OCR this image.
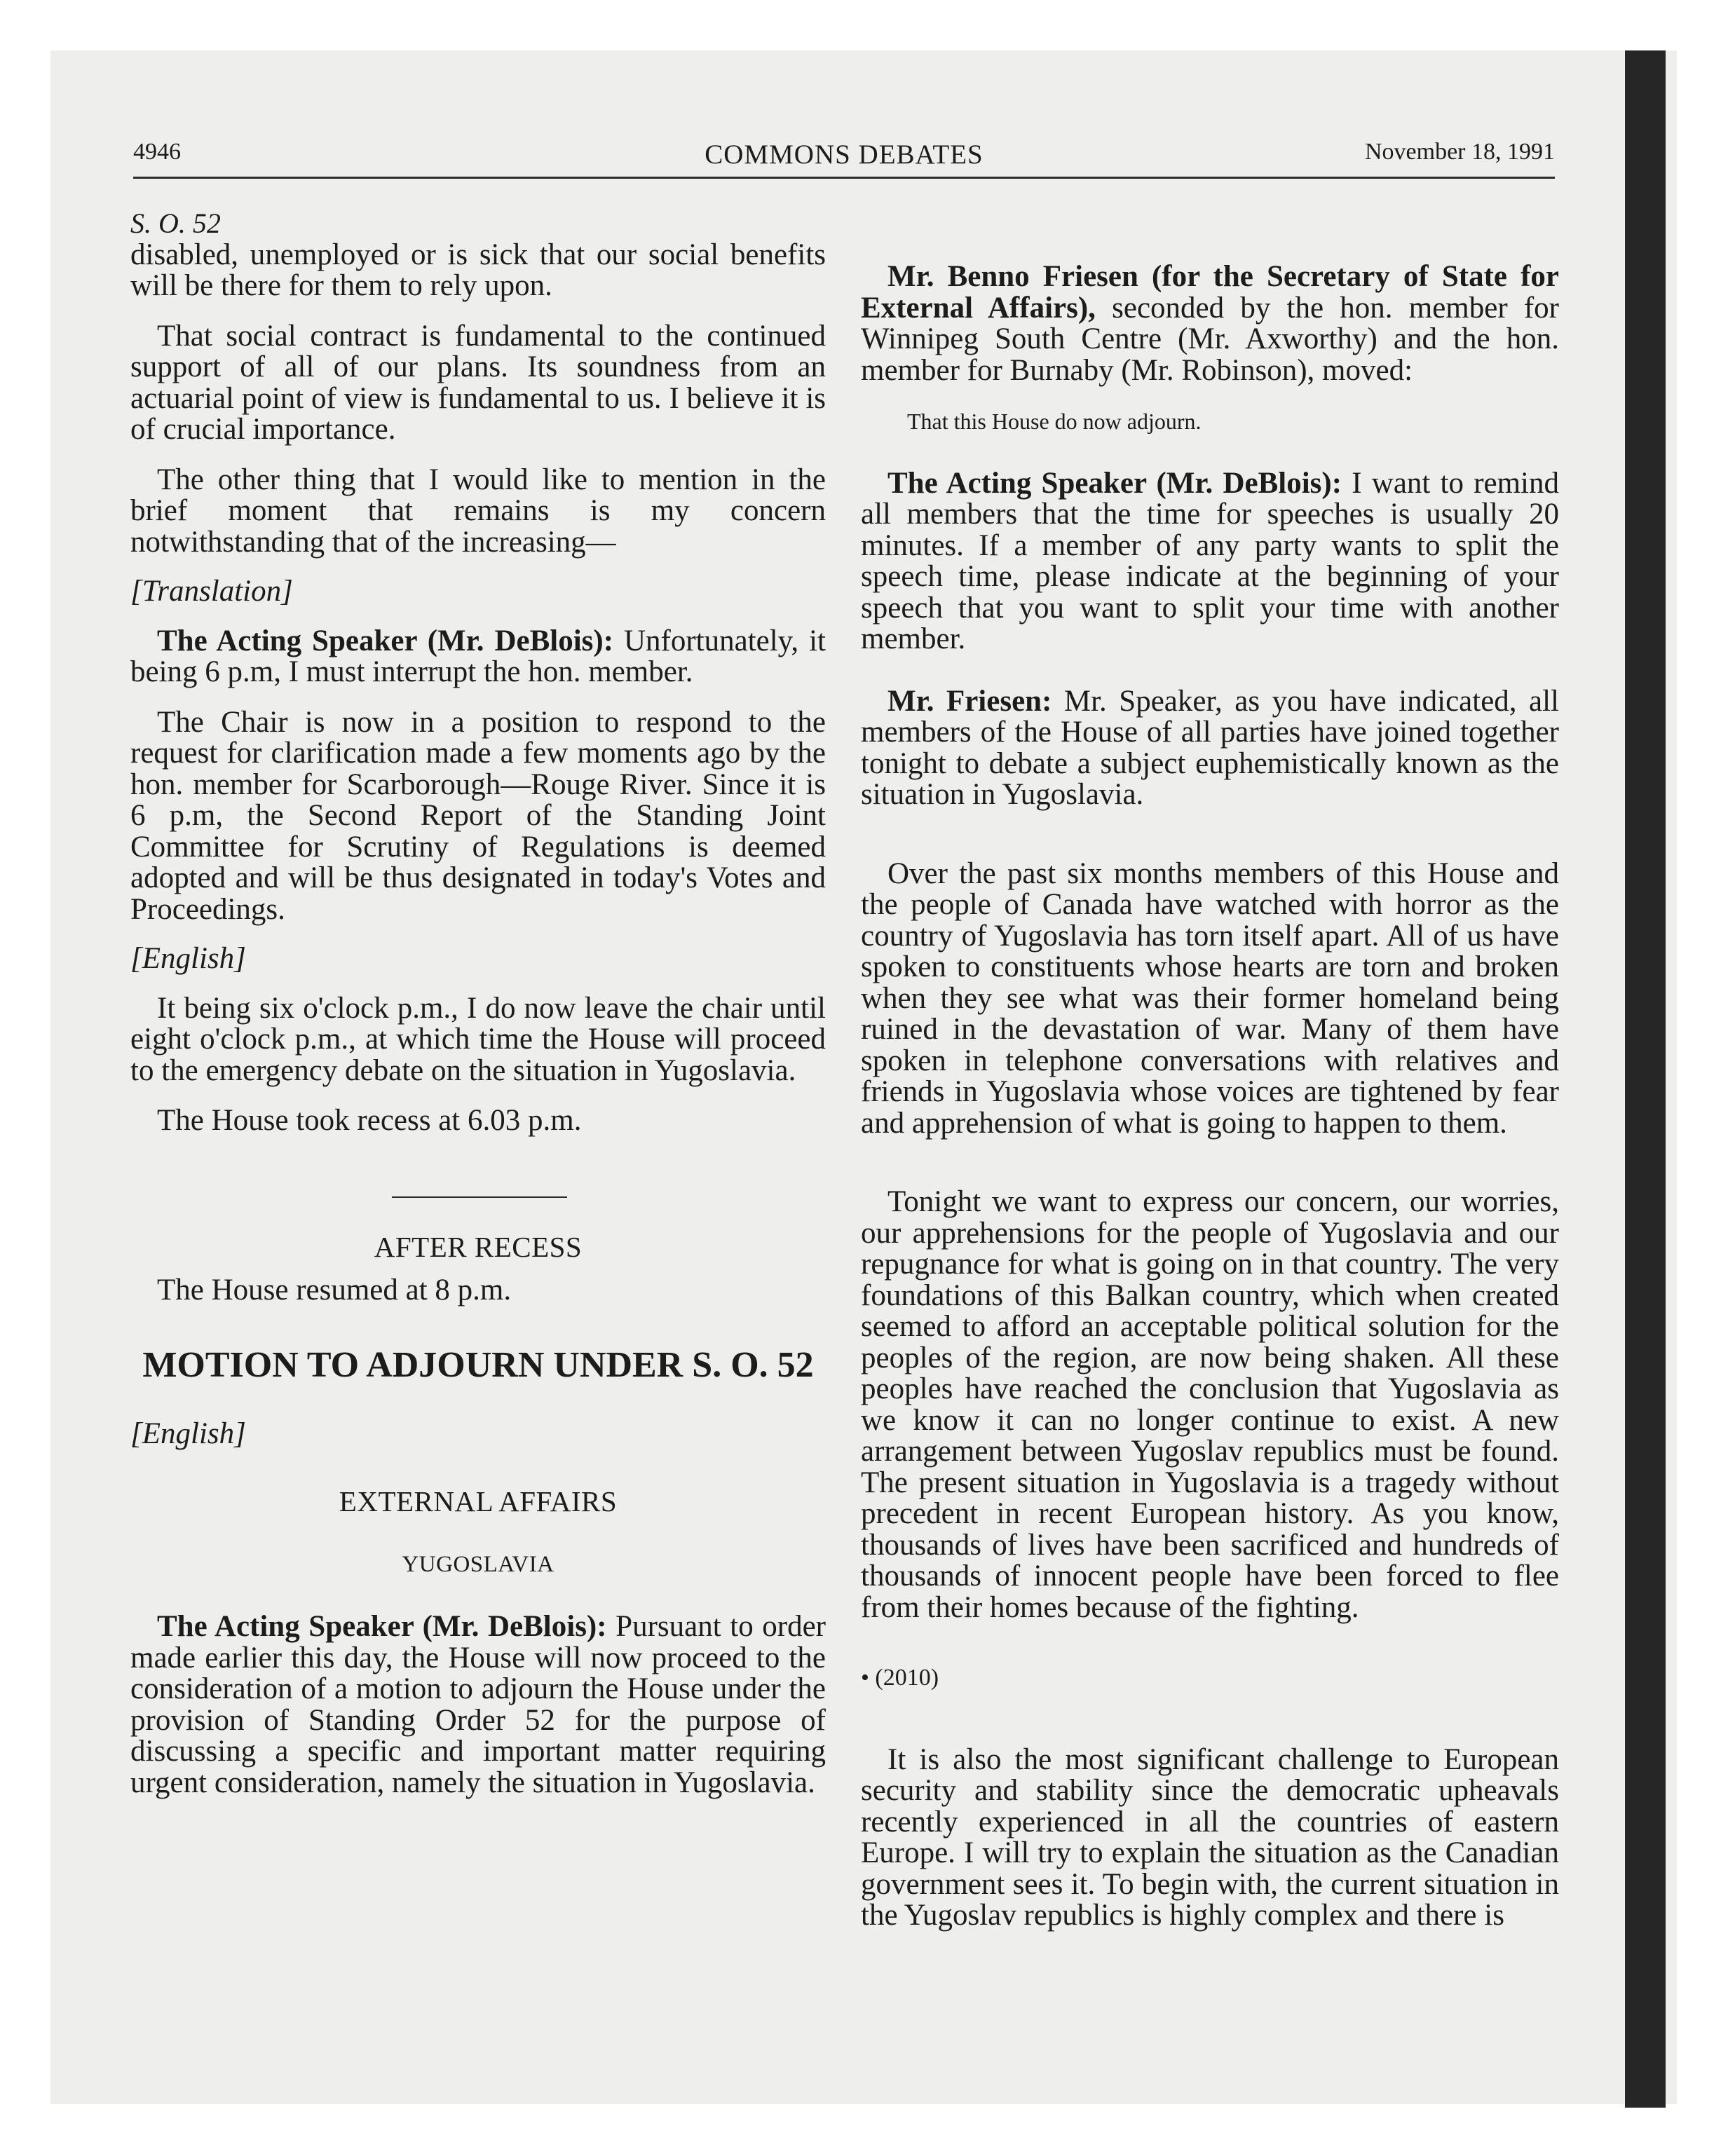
4946	COMMONS DEBATES	November 18, 1991

S. O. 52

disabled, unemployed or is sick that our social benefits will be there for them to rely upon.

That social contract is fundamental to the continued support of all of our plans. Its soundness from an actuarial point of view is fundamental to us. I believe it is of crucial importance.

The other thing that I would like to mention in the brief moment that remains is my concern notwithstanding that of the increasing—

[Translation]

The Acting Speaker (Mr. DeBlois): Unfortunately, it being 6 p.m, I must interrupt the hon. member.

The Chair is now in a position to respond to the request for clarification made a few moments ago by the hon. member for Scarborough—Rouge River. Since it is 6 p.m, the Second Report of the Standing Joint Committee for Scrutiny of Regulations is deemed adopted and will be thus designated in today's Votes and Proceedings.

[English]

It being six o'clock p.m., I do now leave the chair until eight o'clock p.m., at which time the House will proceed to the emergency debate on the situation in Yugoslavia.

The House took recess at 6.03 p.m.

AFTER RECESS

The House resumed at 8 p.m.

MOTION TO ADJOURN UNDER S. O. 52

[English]

EXTERNAL AFFAIRS

YUGOSLAVIA

The Acting Speaker (Mr. DeBlois): Pursuant to order made earlier this day, the House will now proceed to the consideration of a motion to adjourn the House under the provision of Standing Order 52 for the purpose of discussing a specific and important matter requiring urgent consideration, namely the situation in Yugoslavia.

Mr. Benno Friesen (for the Secretary of State for External Affairs), seconded by the hon. member for Winnipeg South Centre (Mr. Axworthy) and the hon. member for Burnaby (Mr. Robinson), moved:

That this House do now adjourn.

The Acting Speaker (Mr. DeBlois): I want to remind all members that the time for speeches is usually 20 minutes. If a member of any party wants to split the speech time, please indicate at the beginning of your speech that you want to split your time with another member.

Mr. Friesen: Mr. Speaker, as you have indicated, all members of the House of all parties have joined together tonight to debate a subject euphemistically known as the situation in Yugoslavia.

Over the past six months members of this House and the people of Canada have watched with horror as the country of Yugoslavia has torn itself apart. All of us have spoken to constituents whose hearts are torn and broken when they see what was their former homeland being ruined in the devastation of war. Many of them have spoken in telephone conversations with relatives and friends in Yugoslavia whose voices are tightened by fear and apprehension of what is going to happen to them.

Tonight we want to express our concern, our worries, our apprehensions for the people of Yugoslavia and our repugnance for what is going on in that country. The very foundations of this Balkan country, which when created seemed to afford an acceptable political solution for the peoples of the region, are now being shaken. All these peoples have reached the conclusion that Yugoslavia as we know it can no longer continue to exist. A new arrangement between Yugoslav republics must be found. The present situation in Yugoslavia is a tragedy without precedent in recent European history. As you know, thousands of lives have been sacrificed and hundreds of thousands of innocent people have been forced to flee from their homes because of the fighting.

• (2010)

It is also the most significant challenge to European security and stability since the democratic upheavals recently experienced in all the countries of eastern Europe. I will try to explain the situation as the Canadian government sees it. To begin with, the current situation in the Yugoslav republics is highly complex and there is
